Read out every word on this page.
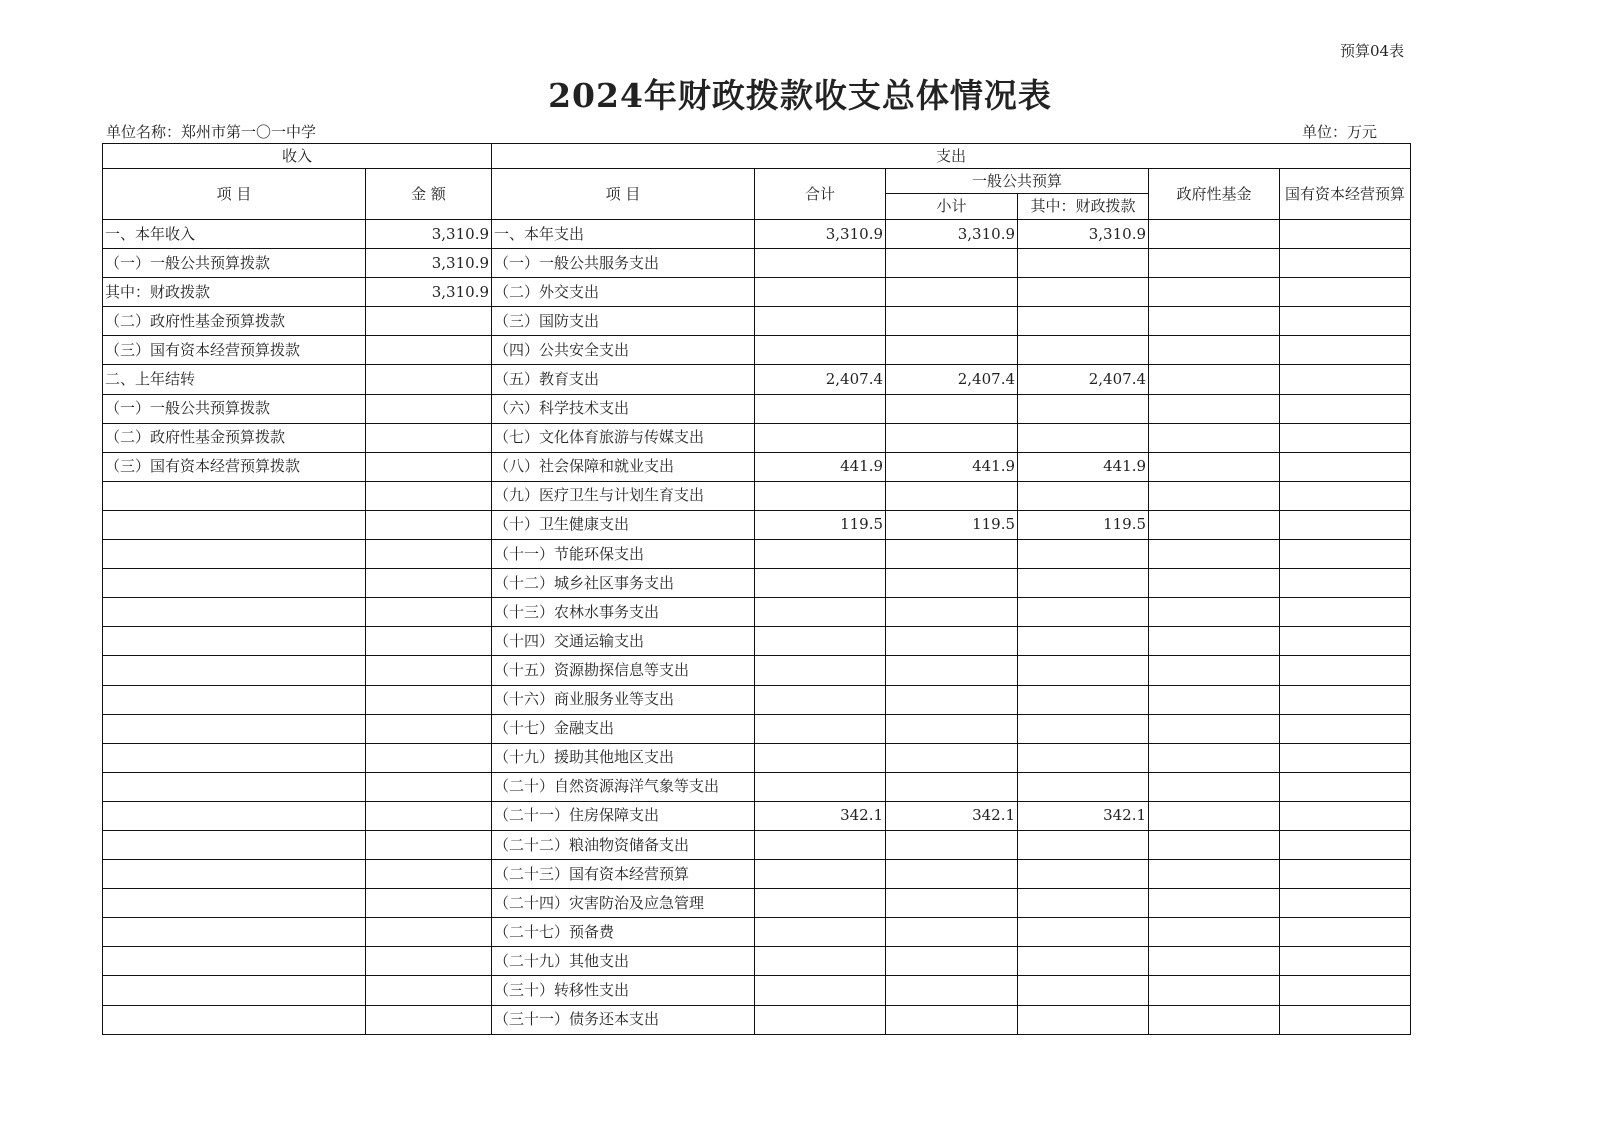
预算04表
2024年财政拨款收支总体情况表
单位名称：郑州市第一〇一中学	单位：万元
收入		支出					
项 目	金 额	项 目	合计	一般公共预算		政府性基金	国有资本经营预算
				小计	其中：财政拨款		
一、本年收入	3,310.9	一、本年支出	3,310.9	3,310.9	3,310.9		
（一）一般公共预算拨款	3,310.9	（一）一般公共服务支出					
其中：财政拨款	3,310.9	（二）外交支出					
（二）政府性基金预算拨款		（三）国防支出					
（三）国有资本经营预算拨款		（四）公共安全支出					
二、上年结转		（五）教育支出	2,407.4	2,407.4	2,407.4		
（一）一般公共预算拨款		（六）科学技术支出					
（二）政府性基金预算拨款		（七）文化体育旅游与传媒支出					
（三）国有资本经营预算拨款		（八）社会保障和就业支出	441.9	441.9	441.9		
		（九）医疗卫生与计划生育支出					
		（十）卫生健康支出	119.5	119.5	119.5		
		（十一）节能环保支出					
		（十二）城乡社区事务支出					
		（十三）农林水事务支出					
		（十四）交通运输支出					
		（十五）资源勘探信息等支出					
		（十六）商业服务业等支出					
		（十七）金融支出					
		（十九）援助其他地区支出					
		（二十）自然资源海洋气象等支出					
		（二十一）住房保障支出	342.1	342.1	342.1		
		（二十二）粮油物资储备支出					
		（二十三）国有资本经营预算					
		（二十四）灾害防治及应急管理					
		（二十七）预备费					
		（二十九）其他支出					
		（三十）转移性支出					
		（三十一）债务还本支出					
